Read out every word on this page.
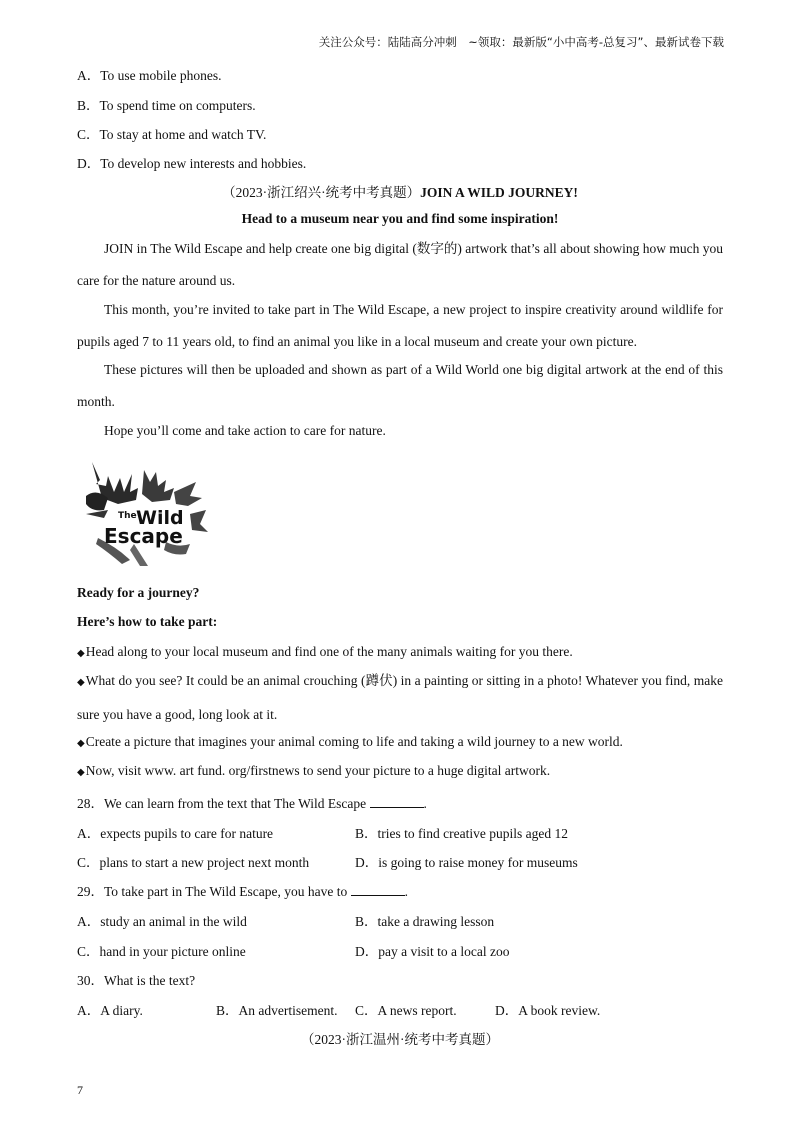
关注公众号：陆陆高分冲刺　~领取：最新版“小中高考-总复习”、最新试卷下载
A．To use mobile phones.
B．To spend time on computers.
C．To stay at home and watch TV.
D．To develop new interests and hobbies.
（2023·浙江绍兴·统考中考真题）JOIN A WILD JOURNEY!
Head to a museum near you and find some inspiration!
JOIN in The Wild Escape and help create one big digital (数字的) artwork that’s all about showing how much you care for the nature around us.
This month, you’re invited to take part in The Wild Escape, a new project to inspire creativity around wildlife for pupils aged 7 to 11 years old, to find an animal you like in a local museum and create your own picture.
These pictures will then be uploaded and shown as part of a Wild World one big digital artwork at the end of this month.
Hope you’ll come and take action to care for nature.
The Wild
Escape
Ready for a journey?
Here’s how to take part:
◆Head along to your local museum and find one of the many animals waiting for you there.
◆What do you see? It could be an animal crouching (蹲伏) in a painting or sitting in a photo! Whatever you find, make sure you have a good, long look at it.
◆Create a picture that imagines your animal coming to life and taking a wild journey to a new world.
◆Now, visit www. art fund. org/firstnews to send your picture to a huge digital artwork.
28．We can learn from the text that The Wild Escape	.
A．expects pupils to care for nature	B．tries to find creative pupils aged 12
C．plans to start a new project next month	D．is going to raise money for museums
29．To take part in The Wild Escape, you have to	.
A．study an animal in the wild	B．take a drawing lesson
C．hand in your picture online	D．pay a visit to a local zoo
30．What is the text?
A．A diary.	B．An advertisement. C．A news report.	D．A book review.
（2023·浙江温州·统考中考真题）
7
